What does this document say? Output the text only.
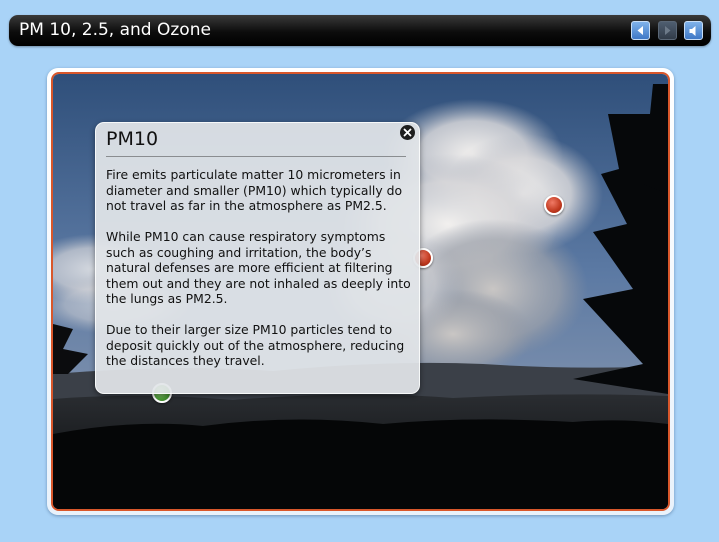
PM 10, 2.5, and Ozone
PM10

Fire emits particulate matter 10 micrometers in diameter and smaller (PM10) which typically do not travel as far in the atmosphere as PM2.5.

While PM10 can cause respiratory symptoms such as coughing and irritation, the body’s natural defenses are more efficient at filtering them out and they are not inhaled as deeply into the lungs as PM2.5.

Due to their larger size PM10 particles tend to deposit quickly out of the atmosphere, reducing the distances they travel.
